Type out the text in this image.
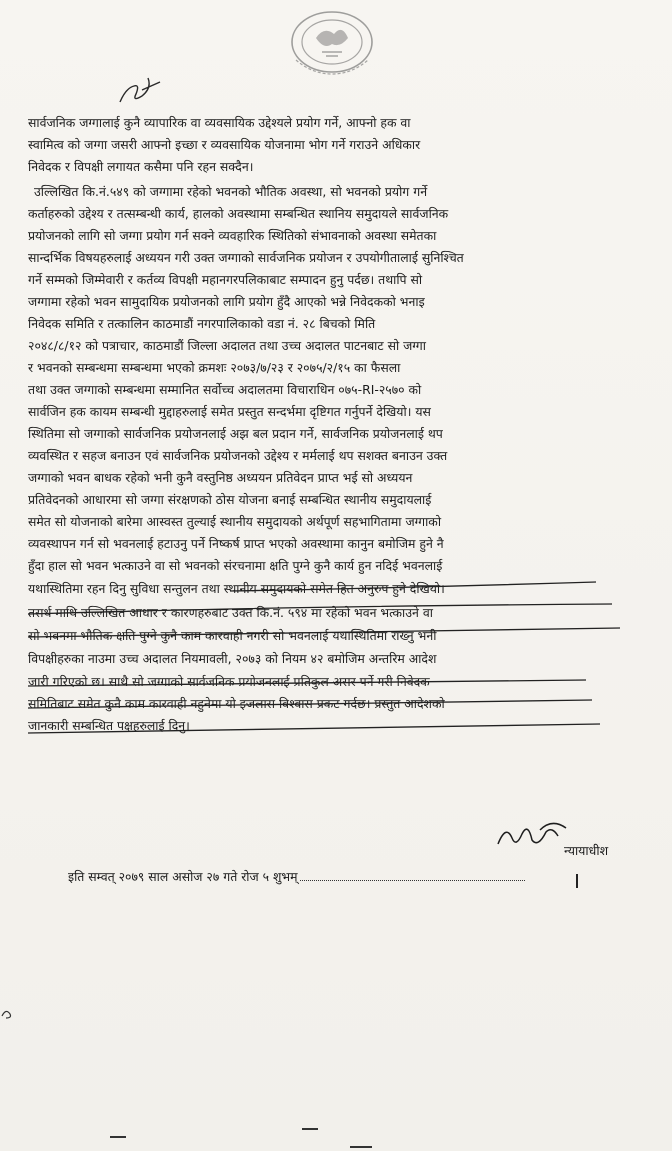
सार्वजनिक जग्गालाई कुनै व्यापारिक वा व्यवसायिक उद्देश्यले प्रयोग गर्ने, आफ्नो हक वा
स्वामित्व को जग्गा जसरी आफ्नो इच्छा र व्यवसायिक योजनामा भोग गर्ने गराउने अधिकार
निवेदक र विपक्षी लगायत कसैमा पनि रहन सक्दैन।
उल्लिखित कि.नं.५४९ को जग्गामा रहेको भवनको भौतिक अवस्था, सो भवनको प्रयोग गर्ने
कर्ताहरुको उद्देश्य र तत्सम्बन्धी कार्य, हालको अवस्थामा सम्बन्धित स्थानिय समुदायले सार्वजनिक
प्रयोजनको लागि सो जग्गा प्रयोग गर्न सक्ने व्यवहारिक स्थितिको संभावनाको अवस्था समेतका
सान्दर्भिक विषयहरुलाई अध्ययन गरी उक्त जग्गाको सार्वजनिक प्रयोजन र उपयोगीतालाई सुनिश्चित
गर्ने सम्मको जिम्मेवारी र कर्तव्य विपक्षी महानगरपलिकाबाट सम्पादन हुनु पर्दछ। तथापि सो
जग्गामा रहेको भवन सामुदायिक प्रयोजनको लागि प्रयोग हुँदै आएको भन्ने निवेदकको भनाइ
निवेदक समिति र तत्कालिन काठमाडौं नगरपालिकाको वडा नं. २८ बिचको मिति
२०४८/८/१२ को पत्राचार, काठमाडौं जिल्ला अदालत तथा उच्च अदालत पाटनबाट सो जग्गा
र भवनको सम्बन्धमा सम्बन्धमा भएको क्रमशः २०७३/७/२३ र २०७५/२/१५ का फैसला
तथा उक्त जग्गाको सम्बन्धमा सम्मानित सर्वोच्च अदालतमा विचाराधिन ०७५-RI-२५७० को
सार्वजिन हक कायम सम्बन्धी मुद्दाहरुलाई समेत प्रस्तुत सन्दर्भमा दृष्टिगत गर्नुपर्ने देखियो। यस
स्थितिमा सो जग्गाको सार्वजनिक प्रयोजनलाई अझ बल प्रदान गर्ने, सार्वजनिक प्रयोजनलाई थप
व्यवस्थित र सहज बनाउन एवं सार्वजनिक प्रयोजनको उद्देश्य र मर्मलाई थप सशक्त बनाउन उक्त
जग्गाको भवन बाधक रहेको भनी कुनै वस्तुनिष्ठ अध्ययन प्रतिवेदन प्राप्त भई सो अध्ययन
प्रतिवेदनको आधारमा सो जग्गा संरक्षणको ठोस योजना बनाई सम्बन्धित स्थानीय समुदायलाई
समेत सो योजनाको बारेमा आस्वस्त तुल्याई स्थानीय समुदायको अर्थपूर्ण सहभागितामा जग्गाको
व्यवस्थापन गर्न सो भवनलाई हटाउनु पर्ने निष्कर्ष प्राप्त भएको अवस्थामा कानुन बमोजिम हुने नै
हुँदा हाल सो भवन भत्काउने वा सो भवनको संरचनामा क्षति पुग्ने कुनै कार्य हुन नदिई भवनलाई
यथास्थितिमा रहन दिनु सुविधा सन्तुलन तथा स्थानीय समुदायको समेत हित अनुरुप हुने देखियो।
तसर्थ माथि उल्लिखित आधार र कारणहरुबाट उक्त कि.नं. ५९४ मा रहेको भवन भत्काउने वा
सो भवनमा भौतिक क्षति पुग्ने कुनै काम कारवाही नगरी सो भवनलाई यथास्थितिमा राख्नु भनी
विपक्षीहरुका नाउमा उच्च अदालत नियमावली, २०७३ को नियम ४२ बमोजिम अन्तरिम आदेश
जारी गरिएको छ। साथै सो जग्गाको सार्वजनिक प्रयोजनलाई प्रतिकुल असर पर्ने गरी निवेदक
समितिबाट समेत कुनै काम कारवाही नहुनेमा यो इजलास विश्वास प्रकट गर्दछ। प्रस्तुत आदेशको
जानकारी सम्बन्धित पक्षहरुलाई दिनु।
न्यायाधीश
इति सम्वत् २०७९ साल असोज २७ गते रोज ५ शुभम्
